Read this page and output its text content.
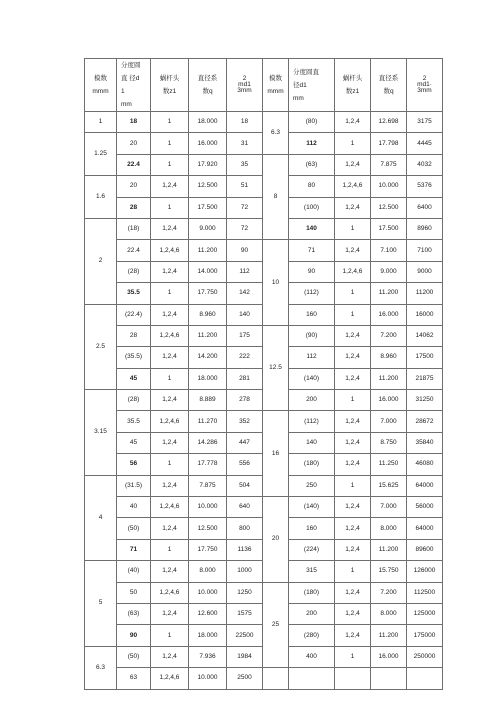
模数
mmm	分度圆
直 径d
1
mm	蜗杆头
数z1	直径系
数q	2
md1
3mm	模数
mmm	分度圆直
径d1
mm	蜗杆头
数z1	直径系
数q	2
md1·
3mm

1	18	1	18.000	18	6.3	(80)	1,2,4	12.698	3175
1.25	20	1	16.000	31		112	1	17.798	4445
	22.4	1	17.920	35	8	(63)	1,2,4	7.875	4032
1.6	20	1,2,4	12.500	51		80	1,2,4,6	10.000	5376
	28	1	17.500	72		(100)	1,2,4	12.500	6400
2	(18)	1,2,4	9.000	72		140	1	17.500	8960
	22.4	1,2,4,6	11.200	90	10	71	1,2,4	7.100	7100
	(28)	1,2,4	14.000	112		90	1,2,4,6	9.000	9000
	35.5	1	17.750	142		(112)	1	11.200	11200
2.5	(22.4)	1,2,4	8.960	140		160	1	16.000	16000
	28	1,2,4,6	11.200	175	12.5	(90)	1,2,4	7.200	14062
	(35.5)	1,2,4	14.200	222		112	1,2,4	8.960	17500
	45	1	18.000	281		(140)	1,2,4	11.200	21875
3.15	(28)	1,2,4	8.889	278		200	1	16.000	31250
	35.5	1,2,4,6	11.270	352	16	(112)	1,2,4	7.000	28672
	45	1,2,4	14.286	447		140	1,2,4	8.750	35840
	56	1	17.778	556		(180)	1,2,4	11.250	46080
4	(31.5)	1,2,4	7.875	504		250	1	15.625	64000
	40	1,2,4,6	10.000	640	20	(140)	1,2,4	7.000	56000
	(50)	1,2,4	12.500	800		160	1,2,4	8.000	64000
	71	1	17.750	1136		(224)	1,2,4	11.200	89600
5	(40)	1,2,4	8.000	1000		315	1	15.750	126000
	50	1,2,4,6	10.000	1250	25	(180)	1,2,4	7.200	112500
	(63)	1,2,4	12.600	1575		200	1,2,4	8.000	125000
	90	1	18.000	22500		(280)	1,2,4	11.200	175000
6.3	(50)	1,2,4	7.936	1984		400	1	16.000	250000
	63	1,2,4,6	10.000	2500					
